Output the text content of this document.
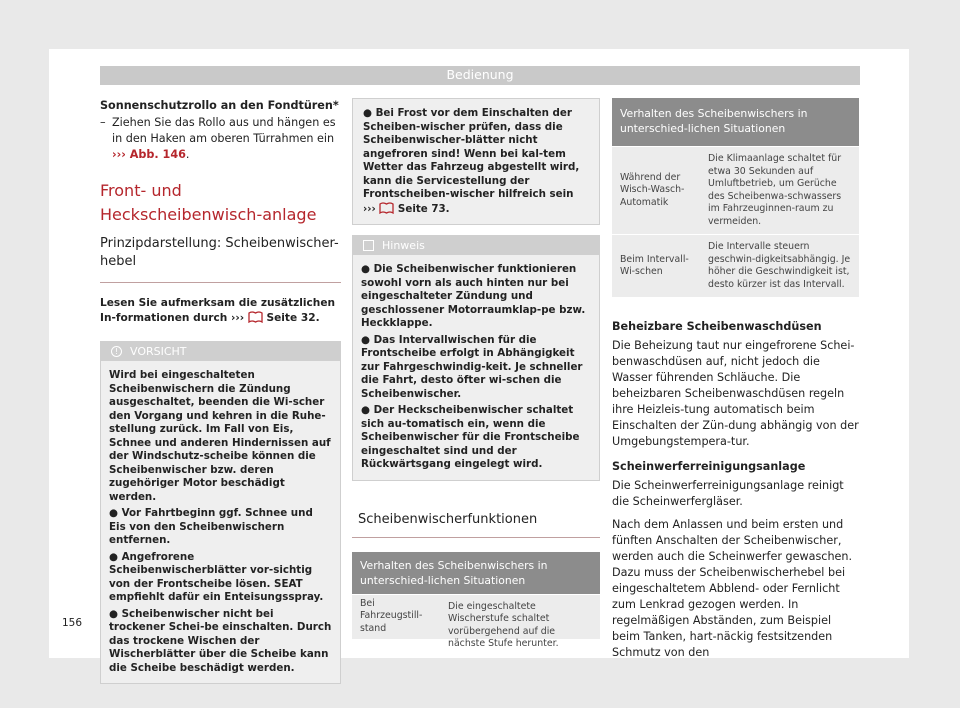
Bedienung
Sonnenschutzrollo an den Fondtüren*
– Ziehen Sie das Rollo aus und hängen es in den Haken am oberen Türrahmen ein
››› Abb. 146.
Front- und Heckscheibenwisch-anlage
Prinzipdarstellung: Scheibenwischer-hebel
Lesen Sie aufmerksam die zusätzlichen In-formationen durch ››› Seite 32.
!	VORSICHT
Wird bei eingeschalteten Scheibenwischern die Zündung ausgeschaltet, beenden die Wi-scher den Vorgang und kehren in die Ruhe-stellung zurück. Im Fall von Eis, Schnee und anderen Hindernissen auf der Windschutz-scheibe können die Scheibenwischer bzw. deren zugehöriger Motor beschädigt werden.
● Vor Fahrtbeginn ggf. Schnee und Eis von den Scheibenwischern entfernen.
● Angefrorene Scheibenwischerblätter vor-sichtig von der Frontscheibe lösen. SEAT empfiehlt dafür ein Enteisungsspray.
● Scheibenwischer nicht bei trockener Schei-be einschalten. Durch das trockene Wischen der Wischerblätter über die Scheibe kann die Scheibe beschädigt werden.
● Bei Frost vor dem Einschalten der Scheiben-wischer prüfen, dass die Scheibenwischer-blätter nicht angefroren sind! Wenn bei kal-tem Wetter das Fahrzeug abgestellt wird, kann die Servicestellung der Frontscheiben-wischer hilfreich sein ››› Seite 73.
Hinweis
● Die Scheibenwischer funktionieren sowohl vorn als auch hinten nur bei eingeschalteter Zündung und geschlossener Motorraumklap-pe bzw. Heckklappe.
● Das Intervallwischen für die Frontscheibe erfolgt in Abhängigkeit zur Fahrgeschwindig-keit. Je schneller die Fahrt, desto öfter wi-schen die Scheibenwischer.
● Der Heckscheibenwischer schaltet sich au-tomatisch ein, wenn die Scheibenwischer für die Frontscheibe eingeschaltet sind und der Rückwärtsgang eingelegt wird.
Scheibenwischerfunktionen
Verhalten des Scheibenwischers in unterschied-lichen Situationen
Bei Fahrzeugstill-stand
Die eingeschaltete Wischerstufe schaltet vorübergehend auf die nächste Stufe herunter.
Verhalten des Scheibenwischers in unterschied-lichen Situationen
Während der Wisch-Wasch-Automatik
Die Klimaanlage schaltet für etwa 30 Sekunden auf Umluftbetrieb, um Gerüche des Scheibenwa-schwassers im Fahrzeuginnen-raum zu vermeiden.
Beim Intervall-Wi-schen
Die Intervalle steuern geschwin-digkeitsabhängig. Je höher die Geschwindigkeit ist, desto kürzer ist das Intervall.
Beheizbare Scheibenwaschdüsen
Die Beheizung taut nur eingefrorene Schei-benwaschdüsen auf, nicht jedoch die Wasser führenden Schläuche. Die beheizbaren Scheibenwaschdüsen regeln ihre Heizleis-tung automatisch beim Einschalten der Zün-dung abhängig von der Umgebungstempera-tur.
Scheinwerferreinigungsanlage
Die Scheinwerferreinigungsanlage reinigt die Scheinwerfergläser.
Nach dem Anlassen und beim ersten und fünften Anschalten der Scheibenwischer, werden auch die Scheinwerfer gewaschen. Dazu muss der Scheibenwischerhebel bei eingeschaltetem Abblend- oder Fernlicht zum Lenkrad gezogen werden. In regelmäßigen Abständen, zum Beispiel beim Tanken, hart-näckig festsitzenden Schmutz von den
156
